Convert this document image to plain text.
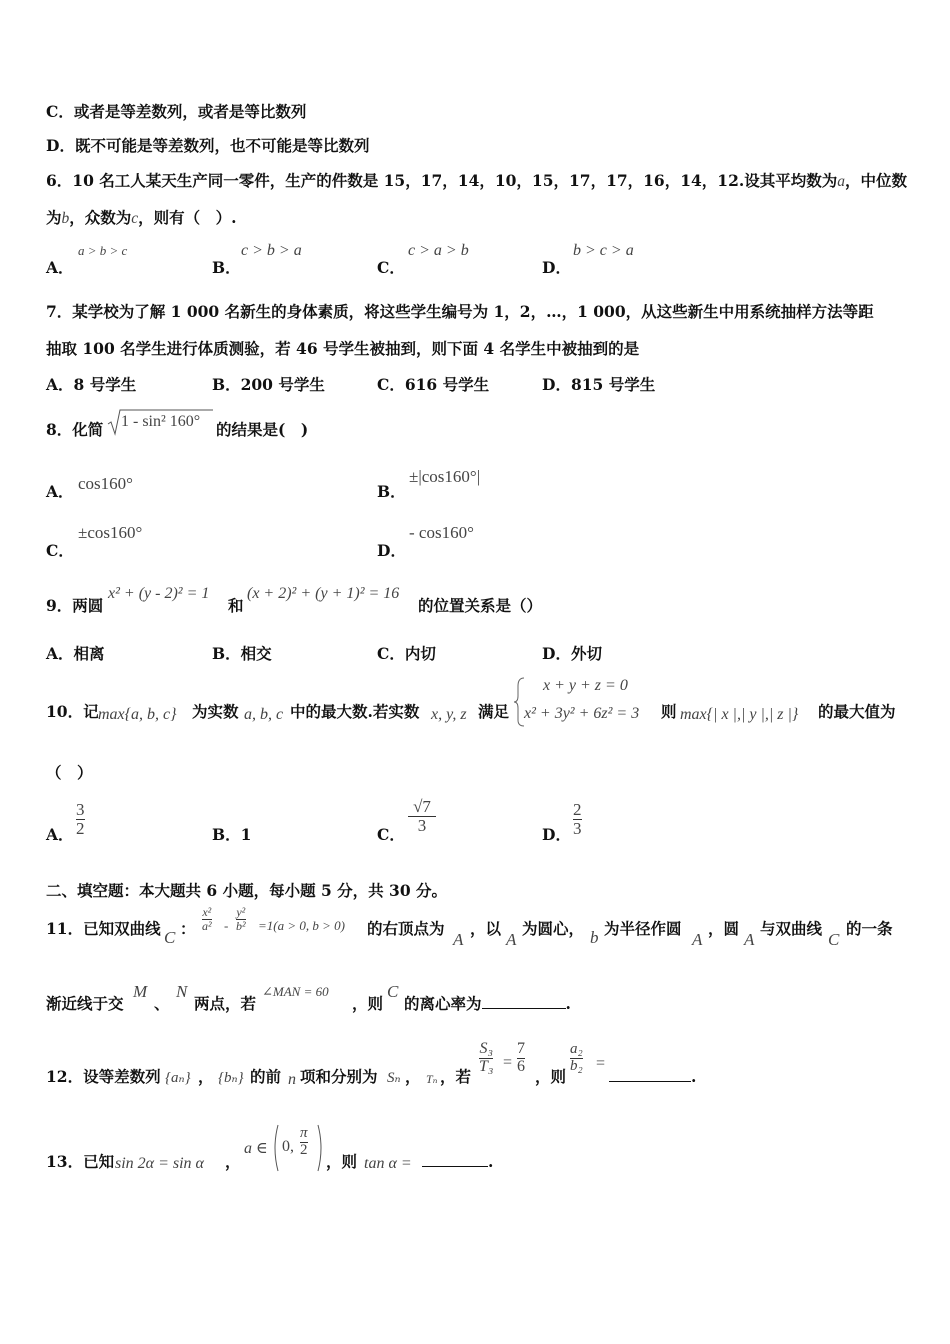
C．或者是等差数列，或者是等比数列
D．既不可能是等差数列，也不可能是等比数列
6．10 名工人某天生产同一零件，生产的件数是 15，17，14，10，15，17，17，16，14，12.设其平均数为a，中位数
为b，众数为c，则有（　）.
A．
a > b > c
B．
c > b > a
C．
c > a > b
D．
b > c > a
7．某学校为了解 1 000 名新生的身体素质，将这些学生编号为 1，2，…，1 000，从这些新生中用系统抽样方法等距
抽取 100 名学生进行体质测验，若 46 号学生被抽到，则下面 4 名学生中被抽到的是
A．8 号学生	B．200 号学生	C．616 号学生	D．815 号学生
8．化简 1 - sin² 160° 的结果是(　)
A． cos160°	B．
±|cos160°|
C．
±cos160°
D．
- cos160°
9．两圆
x² + (y - 2)² = 1
和
(x + 2)² + (y + 1)² = 16
的位置关系是（）
A．相离	B．相交	C．内切	D．外切
10．记 max{a, b, c} 为实数 a, b, c 中的最大数.若实数 x, y, z 满足
x + y + z = 0
x² + 3y² + 6z² = 3 则 max{| x |,| y |,| z |} 的最大值为
（　）
A．
3
2	B．1	C．
√7
3	D．
2
3
二、填空题：本大题共 6 小题，每小题 5 分，共 30 分。
11．已知双曲线 C ：
x²
a² -
y²
b² =1(a > 0, b > 0) 的右顶点为
A
，以
A
为圆心， b 为半径作圆
A
，圆
A
与双曲线
C
的一条
渐近线于交
M
、
N
两点，若
∠MAN = 60
，则
C
的离心率为	.
12．设等差数列 {aₙ} ， {bₙ} 的前 n 项和分别为 Sₙ ， Tₙ ，若
S₃
T₃ =
7
6
，则
a₂
b₂ =
.
13．已知 sin 2α = sin α ，
a ∈ 0,
π
2
，则 tan α =	.
